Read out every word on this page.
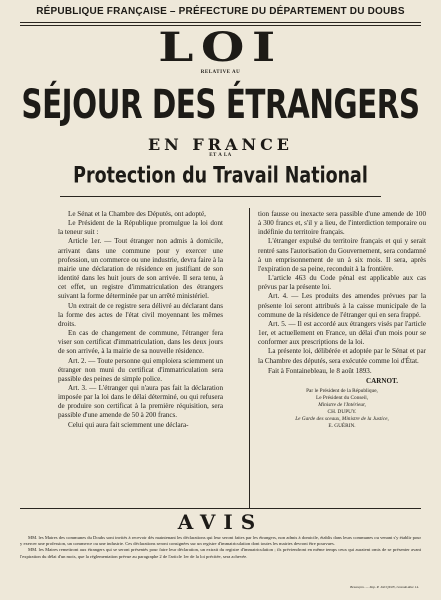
RÉPUBLIQUE FRANÇAISE – PRÉFECTURE DU DÉPARTEMENT DU DOUBS
LOI
RELATIVE AU
SÉJOUR DES ÉTRANGERS
EN FRANCE
ET A LA
Protection du Travail National

Le Sénat et la Chambre des Députés, ont adopté,

Le Président de la République promulgue la loi dont la teneur suit :

Article 1er. — Tout étranger non admis à domicile, arrivant dans une commune pour y exercer une profession, un commerce ou une industrie, devra faire à la mairie une déclaration de résidence en justifiant de son identité dans les huit jours de son arrivée. Il sera tenu, à cet effet, un registre d'immatriculation des étrangers suivant la forme déterminée par un arrêté ministériel.

Un extrait de ce registre sera délivré au déclarant dans la forme des actes de l'état civil moyennant les mêmes droits.

En cas de changement de commune, l'étranger fera viser son certificat d'immatriculation, dans les deux jours de son arrivée, à la mairie de sa nouvelle résidence.

Art. 2. — Toute personne qui emploiera sciemment un étranger non muni du certificat d'immatriculation sera passible des peines de simple police.

Art. 3. — L'étranger qui n'aura pas fait la déclaration imposée par la loi dans le délai déterminé, ou qui refusera de produire son certificat à la première réquisition, sera passible d'une amende de 50 à 200 francs.

Celui qui aura fait sciemment une déclara-

tion fausse ou inexacte sera passible d'une amende de 100 à 300 francs et, s'il y a lieu, de l'interdiction temporaire ou indéfinie du territoire français.

L'étranger expulsé du territoire français et qui y serait rentré sans l'autorisation du Gouvernement, sera condamné à un emprisonnement de un à six mois. Il sera, après l'expiration de sa peine, reconduit à la frontière.

L'article 463 du Code pénal est applicable aux cas prévus par la présente loi.

Art. 4. — Les produits des amendes prévues par la présente loi seront attribués à la caisse municipale de la commune de la résidence de l'étranger qui en sera frappé.

Art. 5. — Il est accordé aux étrangers visés par l'article 1er, et actuellement en France, un délai d'un mois pour se conformer aux prescriptions de la loi.

La présente loi, délibérée et adoptée par le Sénat et par la Chambre des députés, sera exécutée comme loi d'État.

Fait à Fontainebleau, le 8 août 1893.
CARNOT.
Par le Président de la République,
Le Président du Conseil,
Ministre de l'Intérieur,
CH. DUPUY.
Le Garde des sceaux, Ministre de la Justice,
E. GUÉRIN.
AVIS

MM. les Maires des communes du Doubs sont invités à recevoir dès maintenant les déclarations qui leur seront faites par les étrangers, non admis à domicile, établis dans leurs communes ou venant s'y établir pour y exercer une profession, un commerce ou une industrie. Ces déclarations seront consignées sur un registre d'immatriculation dont toutes les mairies devront être pourvues.

MM. les Maires remettront aux étrangers qui se seront présentés pour faire leur déclaration, un extrait du registre d'immatriculation ; ils préviendront en même temps ceux qui auraient omis de se présenter avant l'expiration du délai d'un mois, que la réglementation prévue au paragraphe 2 de l'article 1er de la loi précitée, sera achevée.

Besançon. — Imp. P. JACQUIN, Grande-Rue 14.
